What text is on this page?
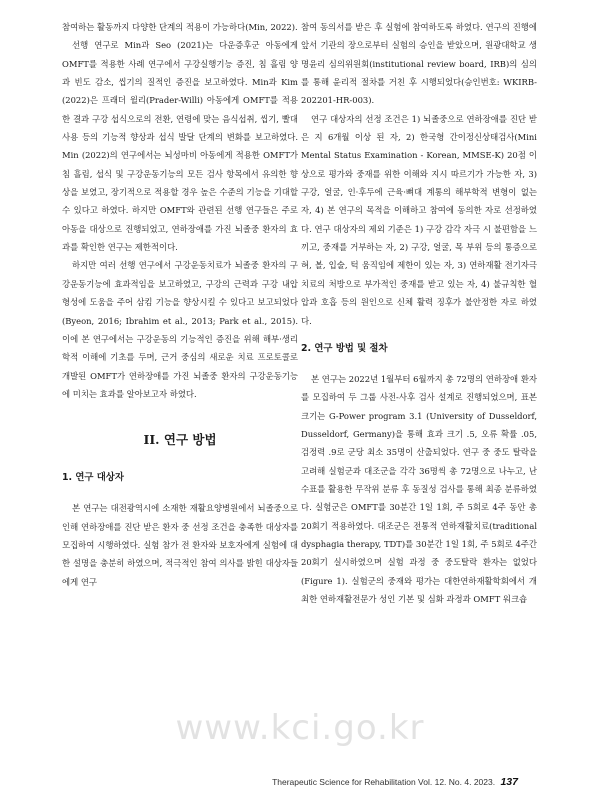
참여하는 활동까지 다양한 단계의 적용이 가능하다(Min, 2022).

선행 연구로 Min과 Seo (2021)는 다운증후군 아동에게 OMFT를 적용한 사례 연구에서 구강실행기능 증진, 침 흘림 양과 빈도 감소, 씹기의 질적인 증진을 보고하였다. Min과 Kim (2022)은 프래더 윌리(Prader-Willi) 아동에게 OMFT를 적용한 결과 구강 섭식으로의 전환, 연령에 맞는 음식섭취, 씹기, 빨대 사용 등의 기능적 향상과 섭식 발달 단계의 변화를 보고하였다. Min (2022)의 연구에서는 뇌성마비 아동에게 적용한 OMFT가 침 흘림, 섭식 및 구강운동기능의 모든 검사 항목에서 유의한 향상을 보였고, 장기적으로 적용할 경우 높은 수준의 기능을 기대할 수 있다고 하였다. 하지만 OMFT와 관련된 선행 연구들은 주로 아동을 대상으로 진행되었고, 연하장애를 가진 뇌졸중 환자의 효과를 확인한 연구는 제한적이다.

하지만 여러 선행 연구에서 구강운동치료가 뇌졸중 환자의 구강운동기능에 효과적임을 보고하였고, 구강의 근력과 구강 내압 형성에 도움을 주어 삼킴 기능을 향상시킬 수 있다고 보고되었다(Byeon, 2016; Ibrahim et al., 2013; Park et al., 2015). 이에 본 연구에서는 구강운동의 기능적인 증진을 위해 해부·생리학적 이해에 기초를 두며, 근거 중심의 새로운 치료 프로토콜로 개발된 OMFT가 연하장애를 가진 뇌졸중 환자의 구강운동기능에 미치는 효과를 알아보고자 하였다.

II. 연구 방법
1. 연구 대상자

본 연구는 대전광역시에 소재한 재활요양병원에서 뇌졸중으로 인해 연하장애를 진단 받은 환자 중 선정 조건을 충족한 대상자를 모집하여 시행하였다. 실험 참가 전 환자와 보호자에게 실험에 대한 설명을 충분히 하였으며, 적극적인 참여 의사를 밝힌 대상자들에게 연구

참여 동의서를 받은 후 실험에 참여하도록 하였다. 연구의 진행에 앞서 기관의 장으로부터 실험의 승인을 받았으며, 원광대학교 생명윤리 심의위원회(institutional review board, IRB)의 심의를 통해 윤리적 절차를 거친 후 시행되었다(승인번호: WKIRB-202201-HR-003).

연구 대상자의 선정 조건은 1) 뇌졸중으로 연하장애를 진단 받은 지 6개월 이상 된 자, 2) 한국형 간이정신상태검사(Mini Mental Status Examination - Korean, MMSE-K) 20점 이상으로 평가와 중재를 위한 이해와 지시 따르기가 가능한 자, 3) 구강, 얼굴, 인·후두에 근육·뼈대 계통의 해부학적 변형이 없는 자, 4) 본 연구의 목적을 이해하고 참여에 동의한 자로 선정하였다. 연구 대상자의 제외 기준은 1) 구강 감각 자극 시 불편함을 느끼고, 중재를 거부하는 자, 2) 구강, 얼굴, 목 부위 등의 통증으로 혀, 볼, 입술, 턱 움직임에 제한이 있는 자, 3) 연하재활 전기자극치료의 처방으로 부가적인 중재를 받고 있는 자, 4) 불규칙한 혈압과 호흡 등의 원인으로 신체 활력 징후가 불안정한 자로 하였다.

2. 연구 방법 및 절차

본 연구는 2022년 1월부터 6월까지 총 72명의 연하장애 환자를 모집하여 두 그룹 사전-사후 검사 설계로 진행되었으며, 표본 크기는 G-Power program 3.1 (University of Dusseldorf, Dusseldorf, Germany)을 통해 효과 크기 .5, 오류 확률 .05, 검정력 .9로 군당 최소 35명이 산출되었다. 연구 중 중도 탈락을 고려해 실험군과 대조군을 각각 36명씩 총 72명으로 나누고, 난수표를 활용한 무작위 분류 후 동질성 검사를 통해 최종 분류하였다. 실험군은 OMFT를 30분간 1일 1회, 주 5회로 4주 동안 총 20회기 적용하였다. 대조군은 전통적 연하재활치료(traditional dysphagia therapy, TDT)를 30분간 1일 1회, 주 5회로 4주간 20회기 실시하였으며 실험 과정 중 중도탈락 환자는 없었다(Figure 1). 실험군의 중재와 평가는 대한연하재활학회에서 개최한 연하재활전문가 성인 기본 및 심화 과정과 OMFT 워크숍

www.kci.go.kr
Therapeutic Science for Rehabilitation Vol. 12. No. 4. 2023. 137
